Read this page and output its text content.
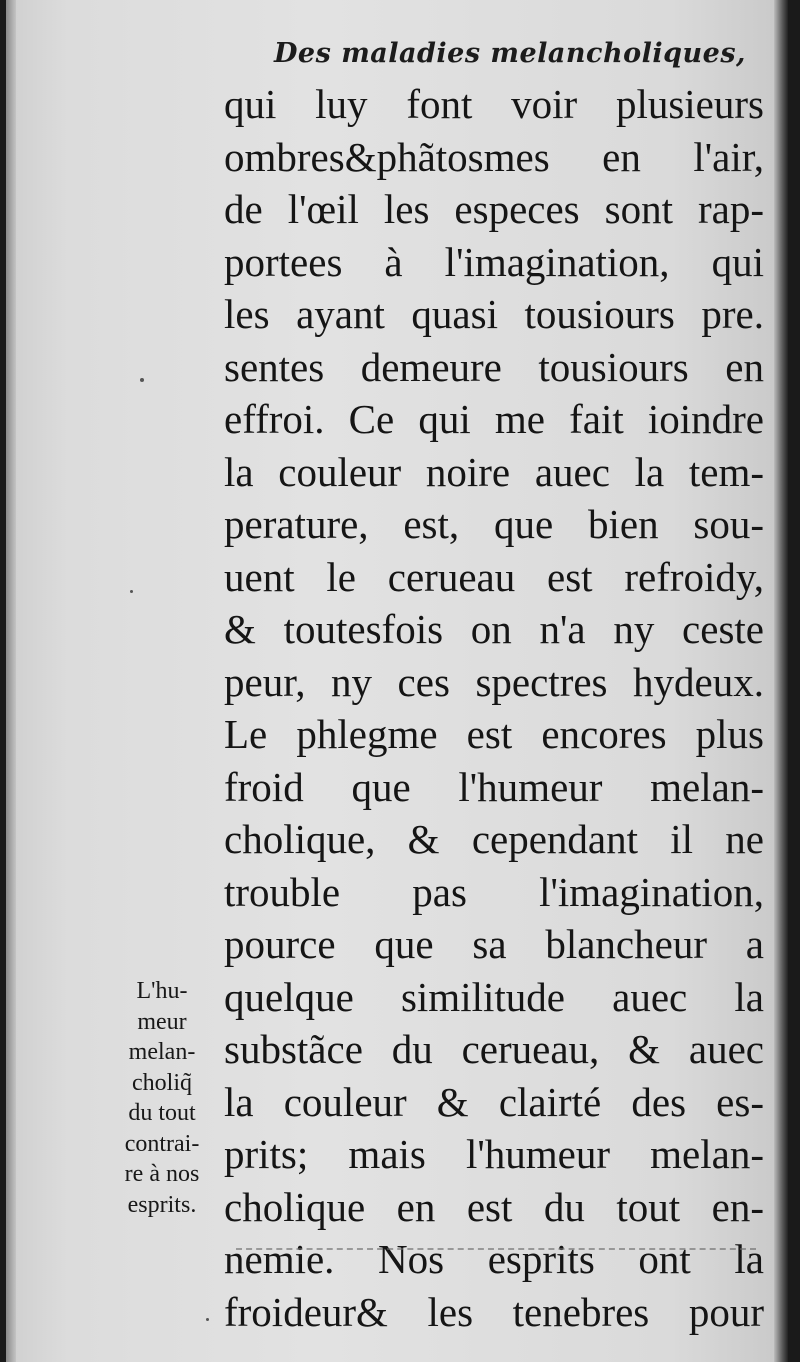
Des maladies melancholiques,
qui luy font voir plusieurs
ombres&phãtosmes en l'air,
de l'œil les especes sont rap-
portees à l'imagination, qui
les ayant quasi tousiours pre.
sentes demeure tousiours en
effroi. Ce qui me fait ioindre
la couleur noire auec la tem-
perature, est, que bien sou-
uent le cerueau est refroidy,
& toutesfois on n'a ny ceste
peur, ny ces spectres hydeux.
Le phlegme est encores plus
froid que l'humeur melan-
cholique, & cependant il ne
trouble pas l'imagination,
pource que sa blancheur a
quelque similitude auec la
substãce du cerueau, & auec
la couleur & clairté des es-
prits; mais l'humeur melan-
cholique en est du tout en-
nemie. Nos esprits ont la
froideur& les tenebres pour
L'hu-
meur
melan-
choliq̃
du tout
contrai-
re à nos
esprits.
